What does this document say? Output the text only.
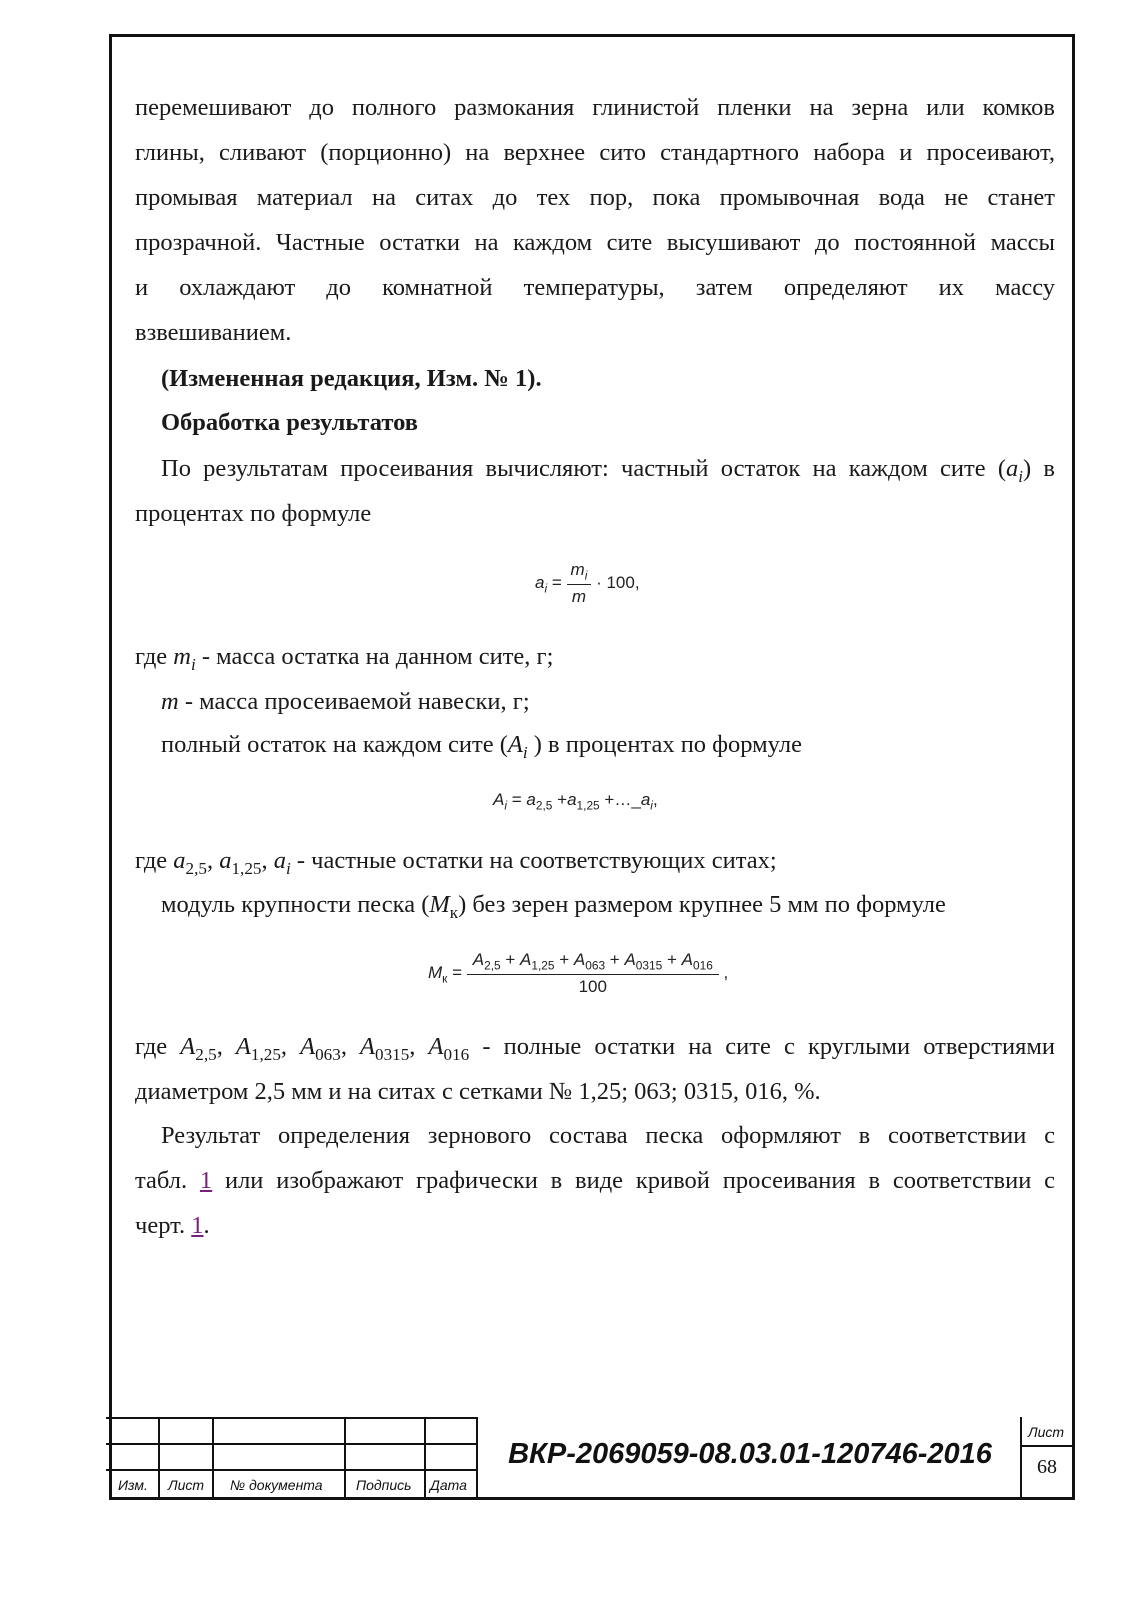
перемешивают до полного размокания глинистой пленки на зерна или комков
глины, сливают (порционно) на верхнее сито стандартного набора и просеивают,
промывая материал на ситах до тех пор, пока промывочная вода не станет
прозрачной. Частные остатки на каждом сите высушивают до постоянной массы
и охлаждают до комнатной температуры, затем определяют их массу
взвешиванием.
(Измененная редакция, Изм. № 1).
Обработка результатов
По результатам просеивания вычисляют: частный остаток на каждом сите $(a_i)$ в
процентах по формуле
$a_i = \frac{m_i}{m} \cdot 100$,
где $m_i$ - масса остатка на данном сите, г;
m - масса просеиваемой навески, г;
полный остаток на каждом сите ($A_i$ ) в процентах по формуле
$A_i = a_{2,5} +a_{1,25}$ $+\dots\_a_i$,
где $a_{2,5}$, $a_{1,25}$, $a_i$ - частные остатки на соответствующих ситах;
модуль крупности песка $(M_к)$ без зерен размером крупнее 5 мм по формуле
$M_к = \frac{A_{2,5} + A_{1,25} + A_{063} + A_{0315} + A_{016}}{100}$ ,
где $A_{2,5}$, $A_{1,25}$, $A_{063}$, $A_{0315}$, $A_{016}$ - полные остатки на сите с круглыми отверстиями
диаметром 2,5 мм и на ситах с сетками № 1,25; 063; 0315, 016, %.
Результат определения зернового состава песка оформляют в соответствии с
табл. 1 или изображают графически в виде кривой просеивания в соответствии с
черт. 1.
Изм. Лист № документа Подпись Дата
Лист
ВКР-2069059-08.03.01-120746-2016	68
